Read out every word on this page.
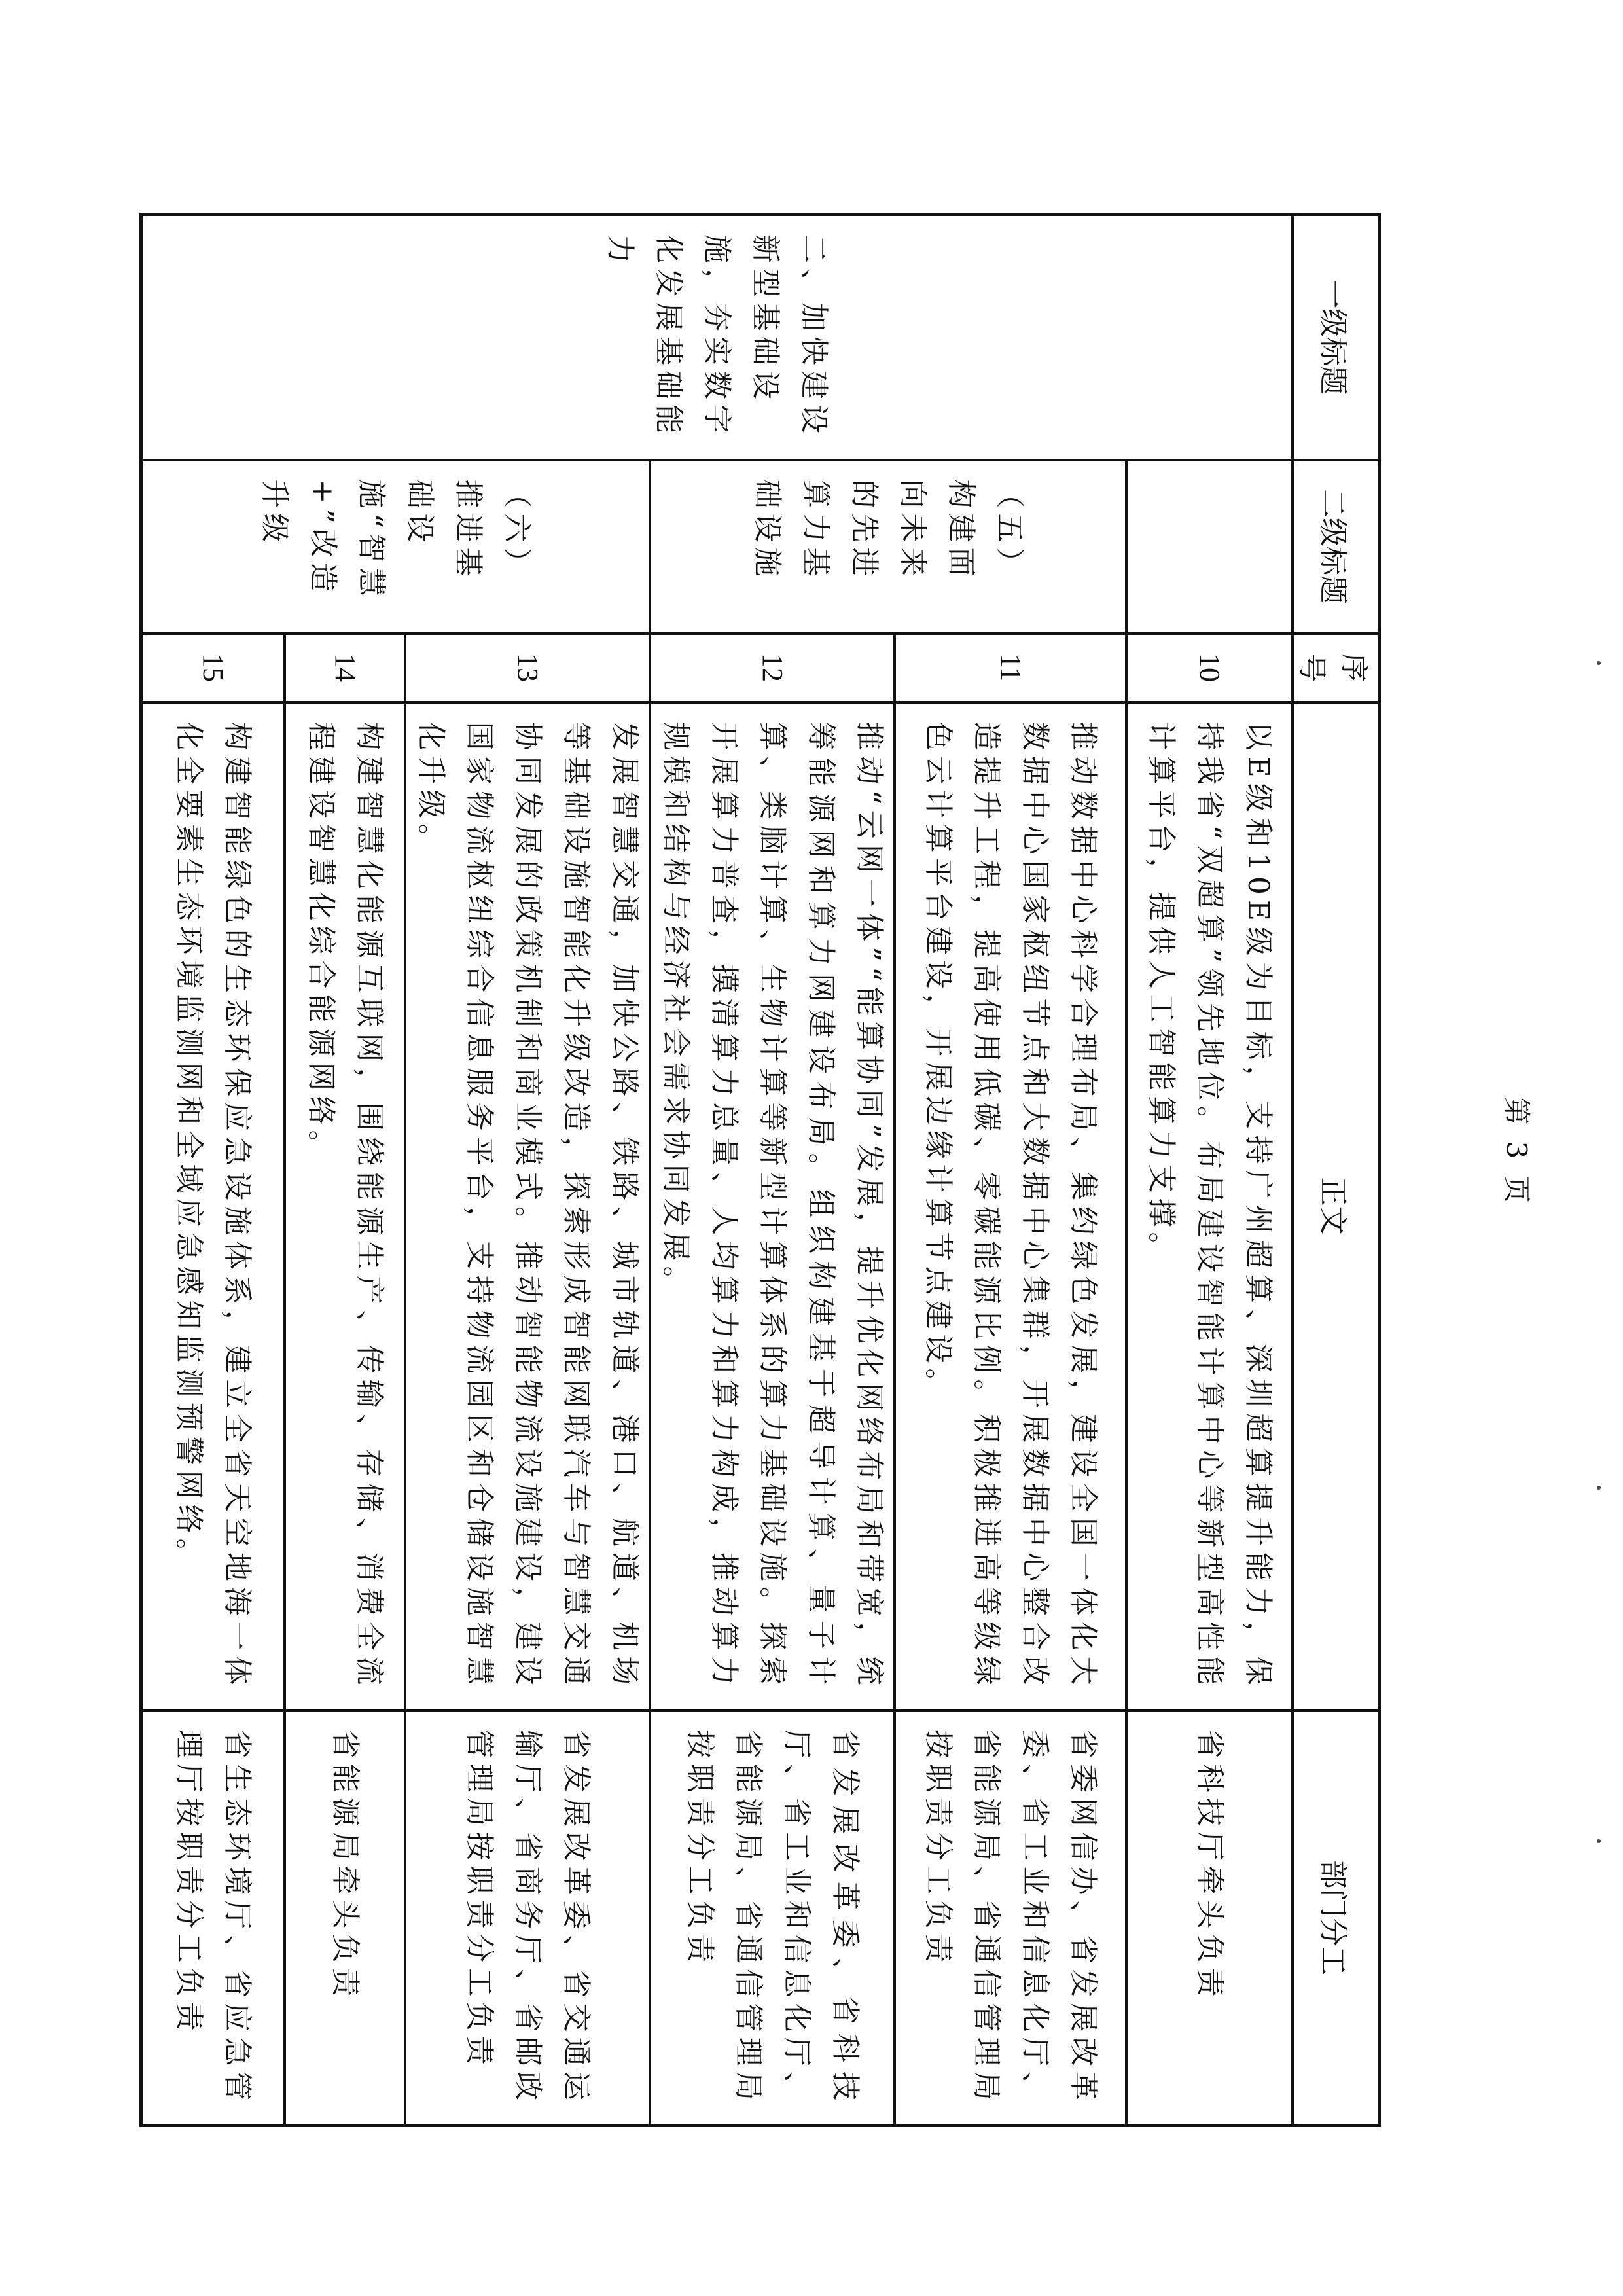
一级标题	二级标题	序号	正文	部门分工
二、加快建设新型基础设施，夯实数字化发展基础能力		10	以E级和10E级为目标，支持广州超算、深圳超算提升能力，保持我省“双超算”领先地位。布局建设智能计算中心等新型高性能计算平台，提供人工智能算力支撑。	省科技厅牵头负责
	（五）构建面向未来的先进算力基础设施	11	推动数据中心科学合理布局、集约绿色发展，建设全国一体化大数据中心国家枢纽节点和大数据中心集群，开展数据中心整合改造提升工程，提高使用低碳、零碳能源比例。积极推进高等级绿色云计算平台建设，开展边缘计算节点建设。	省委网信办、省发展改革委、省工业和信息化厅、省能源局、省通信管理局按职责分工负责
		12	推动“云网一体”“能算协同”发展，提升优化网络布局和带宽，统筹能源网和算力网建设布局。组织构建基于超导计算、量子计算、类脑计算、生物计算等新型计算体系的算力基础设施。探索开展算力普查，摸清算力总量、人均算力和算力构成，推动算力规模和结构与经济社会需求协同发展。	省发展改革委、省科技厅、省工业和信息化厅、省能源局、省通信管理局按职责分工负责
	（六）推进基础设施“智慧+”改造升级	13	发展智慧交通，加快公路、铁路、城市轨道、港口、航道、机场等基础设施智能化升级改造，探索形成智能网联汽车与智慧交通协同发展的政策机制和商业模式。推动智能物流设施建设，建设国家物流枢纽综合信息服务平台，支持物流园区和仓储设施智慧化升级。	省发展改革委、省交通运输厅、省商务厅、省邮政管理局按职责分工负责
		14	构建智慧化能源互联网，围绕能源生产、传输、存储、消费全流程建设智慧化综合能源网络。	省能源局牵头负责
		15	构建智能绿色的生态环保应急设施体系，建立全省天空地海一体化全要素生态环境监测网和全域应急感知监测预警网络。	省生态环境厅、省应急管理厅按职责分工负责
第 3 页
